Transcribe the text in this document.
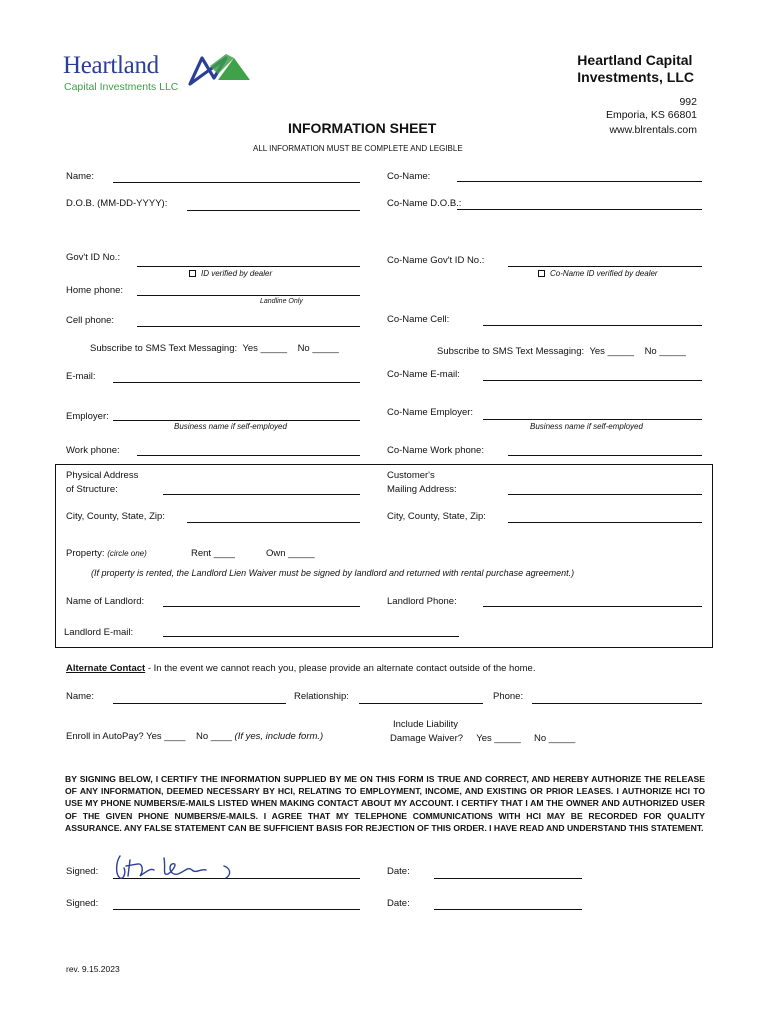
Heartland
Capital Investments LLC
Heartland Capital
Investments, LLC
992
Emporia, KS 66801
www.blrentals.com
INFORMATION SHEET
ALL INFORMATION MUST BE COMPLETE AND LEGIBLE
Name:	Co-Name:
D.O.B. (MM-DD-YYYY):	Co-Name D.O.B.:
Gov't ID No.:
ID verified by dealer
Co-Name Gov't ID No.:
Co-Name ID verified by dealer
Home phone:
Landline Only
Cell phone:	Co-Name Cell:
Subscribe to SMS Text Messaging: Yes _____    No _____	Subscribe to SMS Text Messaging: Yes _____    No _____
E-mail:	Co-Name E-mail:
Employer:
Business name if self-employed
Co-Name Employer:
Business name if self-employed
Work phone:	Co-Name Work phone:
Physical Address
of Structure:
Customer's
Mailing Address:
City, County, State, Zip:	City, County, State, Zip:
Property: (circle one)	Rent ____	Own _____
(If property is rented, the Landlord Lien Waiver must be signed by landlord and returned with rental purchase agreement.)
Name of Landlord:	Landlord Phone:
Landlord E-mail:
Alternate Contact - In the event we cannot reach you, please provide an alternate contact outside of the home.
Name:	Relationship:	Phone:
Enroll in AutoPay? Yes ____    No ____ (If yes, include form.)
Include Liability
Damage Waiver? Yes _____     No _____
BY SIGNING BELOW, I CERTIFY THE INFORMATION SUPPLIED BY ME ON THIS FORM IS TRUE AND CORRECT, AND HEREBY AUTHORIZE THE RELEASE OF ANY INFORMATION, DEEMED NECESSARY BY HCI, RELATING TO EMPLOYMENT, INCOME, AND EXISTING OR PRIOR LEASES. I AUTHORIZE HCI TO USE MY PHONE NUMBERS/E-MAILS LISTED WHEN MAKING CONTACT ABOUT MY ACCOUNT. I CERTIFY THAT I AM THE OWNER AND AUTHORIZED USER OF THE GIVEN PHONE NUMBERS/E-MAILS. I AGREE THAT MY TELEPHONE COMMUNICATIONS WITH HCI MAY BE RECORDED FOR QUALITY ASSURANCE. ANY FALSE STATEMENT CAN BE SUFFICIENT BASIS FOR REJECTION OF THIS ORDER. I HAVE READ AND UNDERSTAND THIS STATEMENT.
Signed:	Date:
Signed:	Date:
rev. 9.15.2023
